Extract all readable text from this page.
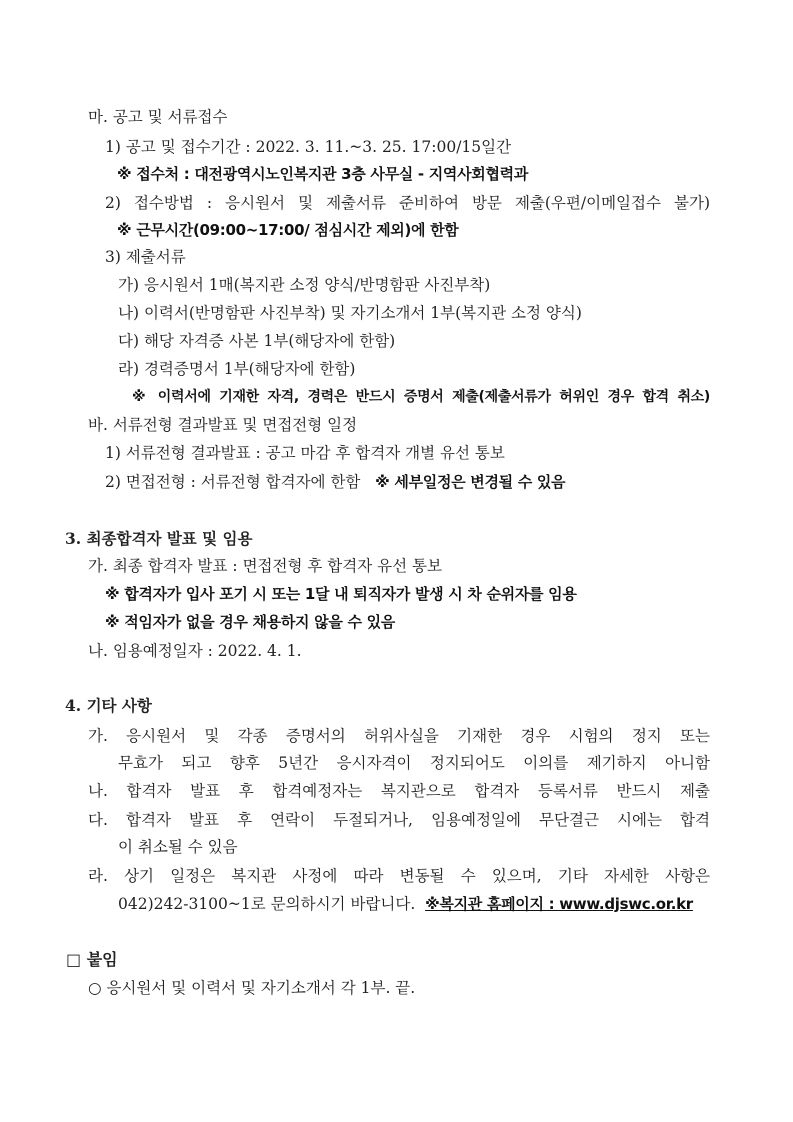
마. 공고 및 서류접수
1) 공고 및 접수기간 : 2022. 3. 11.~3. 25. 17:00/15일간
※ 접수처 : 대전광역시노인복지관 3층 사무실 - 지역사회협력과
2) 접수방법 : 응시원서 및 제출서류 준비하여 방문 제출(우편/이메일접수 불가)
※ 근무시간(09:00~17:00/ 점심시간 제외)에 한함
3) 제출서류
가) 응시원서 1매(복지관 소정 양식/반명함판 사진부착)
나) 이력서(반명함판 사진부착) 및 자기소개서 1부(복지관 소정 양식)
다) 해당 자격증 사본 1부(해당자에 한함)
라) 경력증명서 1부(해당자에 한함)
※ 이력서에 기재한 자격, 경력은 반드시 증명서 제출(제출서류가 허위인 경우 합격 취소)
바. 서류전형 결과발표 및 면접전형 일정
1) 서류전형 결과발표 : 공고 마감 후 합격자 개별 유선 통보
2) 면접전형 : 서류전형 합격자에 한함 ※ 세부일정은 변경될 수 있음
3. 최종합격자 발표 및 임용
가. 최종 합격자 발표 : 면접전형 후 합격자 유선 통보
※ 합격자가 입사 포기 시 또는 1달 내 퇴직자가 발생 시 차 순위자를 임용
※ 적임자가 없을 경우 채용하지 않을 수 있음
나. 임용예정일자 : 2022. 4. 1.
4. 기타 사항
가. 응시원서 및 각종 증명서의 허위사실을 기재한 경우 시험의 정지 또는
무효가 되고 향후 5년간 응시자격이 정지되어도 이의를 제기하지 아니함
나. 합격자 발표 후 합격예정자는 복지관으로 합격자 등록서류 반드시 제출
다. 합격자 발표 후 연락이 두절되거나, 임용예정일에 무단결근 시에는 합격
이 취소될 수 있음
라. 상기 일정은 복지관 사정에 따라 변동될 수 있으며, 기타 자세한 사항은
042)242-3100~1로 문의하시기 바랍니다. ※복지관 홈페이지 : www.djswc.or.kr
□ 붙임
○ 응시원서 및 이력서 및 자기소개서 각 1부. 끝.
